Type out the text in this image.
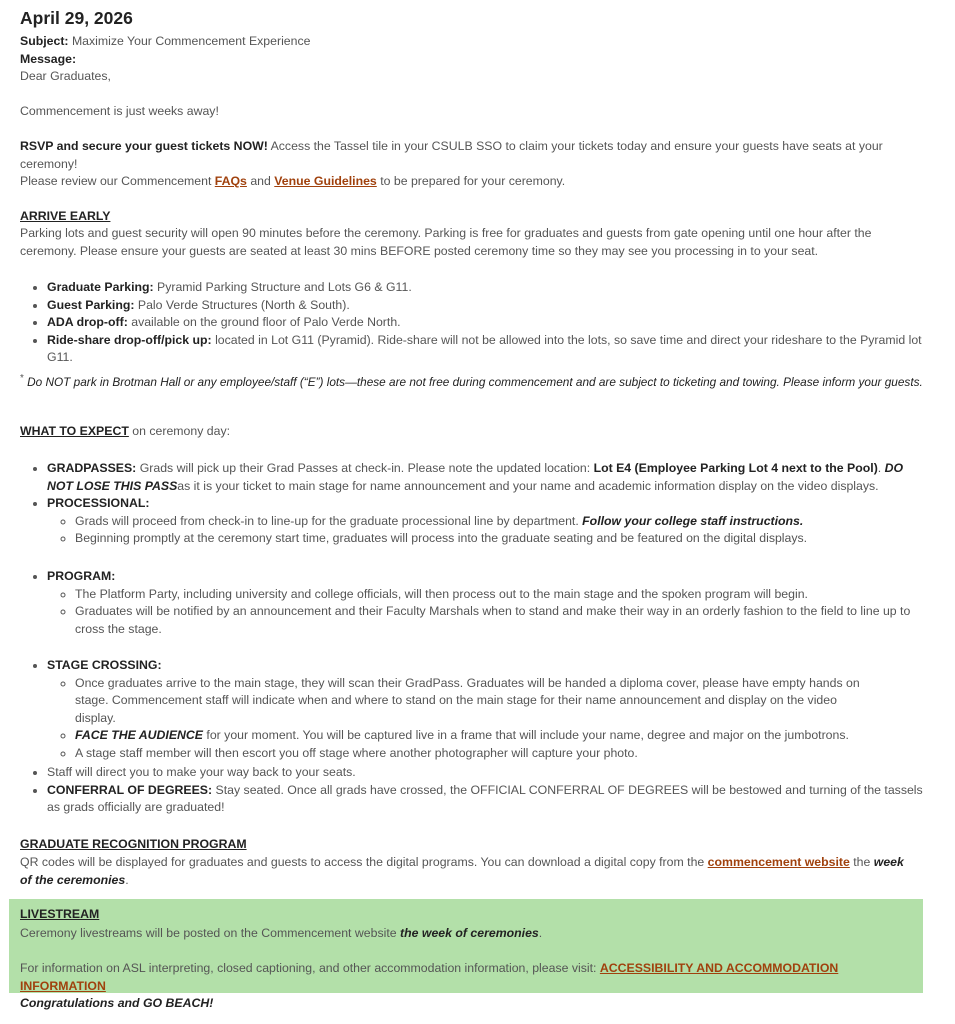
April 29, 2026
Subject: Maximize Your Commencement Experience
Message:
Dear Graduates,
Commencement is just weeks away!
RSVP and secure your guest tickets NOW! Access the Tassel tile in your CSULB SSO to claim your tickets today and ensure your guests have seats at your ceremony!
Please review our Commencement FAQs and Venue Guidelines to be prepared for your ceremony.
ARRIVE EARLY
Parking lots and guest security will open 90 minutes before the ceremony. Parking is free for graduates and guests from gate opening until one hour after the ceremony. Please ensure your guests are seated at least 30 mins BEFORE posted ceremony time so they may see you processing in to your seat.
• Graduate Parking: Pyramid Parking Structure and Lots G6 & G11.
• Guest Parking: Palo Verde Structures (North & South).
• ADA drop-off: available on the ground floor of Palo Verde North.
• Ride-share drop-off/pick up: located in Lot G11 (Pyramid). Ride-share will not be allowed into the lots, so save time and direct your rideshare to the Pyramid lot G11.
* Do NOT park in Brotman Hall or any employee/staff (“E”) lots—these are not free during commencement and are subject to ticketing and towing. Please inform your guests.
WHAT TO EXPECT on ceremony day:
• GRADPASSES: Grads will pick up their Grad Passes at check-in. Please note the updated location: Lot E4 (Employee Parking Lot 4 next to the Pool). DO NOT LOSE THIS PASSas it is your ticket to main stage for name announcement and your name and academic information display on the video displays.
• PROCESSIONAL:
◦ Grads will proceed from check-in to line-up for the graduate processional line by department. Follow your college staff instructions.
◦ Beginning promptly at the ceremony start time, graduates will process into the graduate seating and be featured on the digital displays.
• PROGRAM:
◦ The Platform Party, including university and college officials, will then process out to the main stage and the spoken program will begin.
◦ Graduates will be notified by an announcement and their Faculty Marshals when to stand and make their way in an orderly fashion to the field to line up to cross the stage.
• STAGE CROSSING:
◦ Once graduates arrive to the main stage, they will scan their GradPass. Graduates will be handed a diploma cover, please have empty hands on stage. Commencement staff will indicate when and where to stand on the main stage for their name announcement and display on the video display.
◦ FACE THE AUDIENCE for your moment. You will be captured live in a frame that will include your name, degree and major on the jumbotrons.
◦ A stage staff member will then escort you off stage where another photographer will capture your photo.
• Staff will direct you to make your way back to your seats.
• CONFERRAL OF DEGREES: Stay seated. Once all grads have crossed, the OFFICIAL CONFERRAL OF DEGREES will be bestowed and turning of the tassels as grads officially are graduated!
GRADUATE RECOGNITION PROGRAM
QR codes will be displayed for graduates and guests to access the digital programs. You can download a digital copy from the commencement website the week of the ceremonies.
LIVESTREAM
Ceremony livestreams will be posted on the Commencement website the week of ceremonies.
For information on ASL interpreting, closed captioning, and other accommodation information, please visit: ACCESSIBILITY AND ACCOMMODATION INFORMATION
Congratulations and GO BEACH!
